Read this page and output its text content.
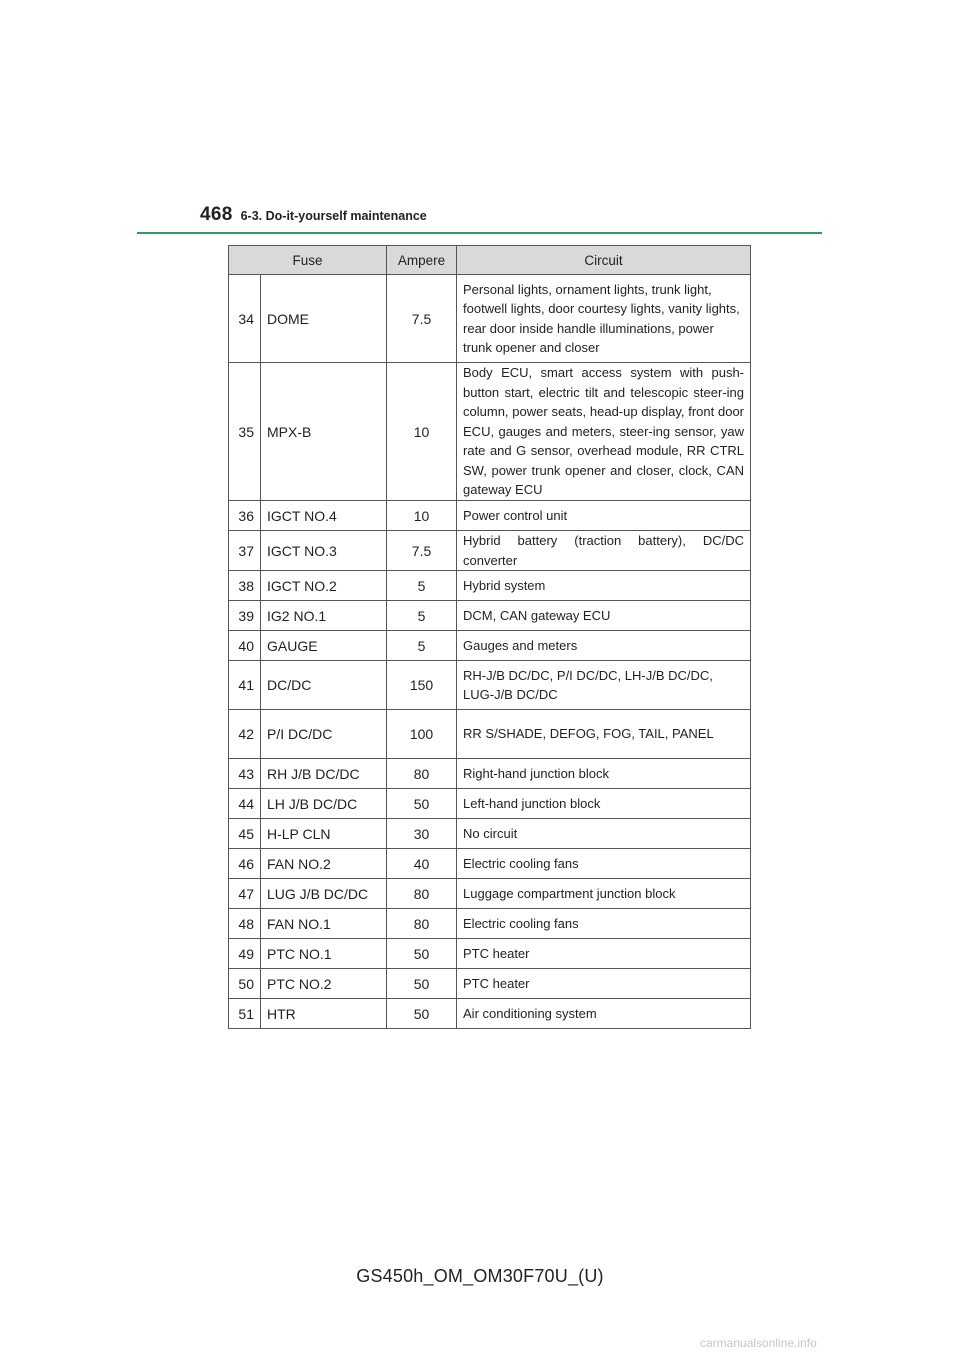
468 6-3. Do-it-yourself maintenance
Fuse		Ampere	Circuit
34	DOME	7.5	Personal lights, ornament lights, trunk light, footwell lights, door courtesy lights, vanity lights, rear door inside handle illuminations, power trunk opener and closer
35	MPX-B	10	Body ECU, smart access system with push-button start, electric tilt and telescopic steer-ing column, power seats, head-up display, front door ECU, gauges and meters, steer-ing sensor, yaw rate and G sensor, overhead module, RR CTRL SW, power trunk opener and closer, clock, CAN gateway ECU
36	IGCT NO.4	10	Power control unit
37	IGCT NO.3	7.5	Hybrid battery (traction battery), DC/DC converter
38	IGCT NO.2	5	Hybrid system
39	IG2 NO.1	5	DCM, CAN gateway ECU
40	GAUGE	5	Gauges and meters
41	DC/DC	150	RH-J/B DC/DC, P/I DC/DC, LH-J/B DC/DC, LUG-J/B DC/DC
42	P/I DC/DC	100	RR S/SHADE, DEFOG, FOG, TAIL, PANEL
43	RH J/B DC/DC	80	Right-hand junction block
44	LH J/B DC/DC	50	Left-hand junction block
45	H-LP CLN	30	No circuit
46	FAN NO.2	40	Electric cooling fans
47	LUG J/B DC/DC	80	Luggage compartment junction block
48	FAN NO.1	80	Electric cooling fans
49	PTC NO.1	50	PTC heater
50	PTC NO.2	50	PTC heater
51	HTR	50	Air conditioning system
GS450h_OM_OM30F70U_(U)
carmanualsonline.info
